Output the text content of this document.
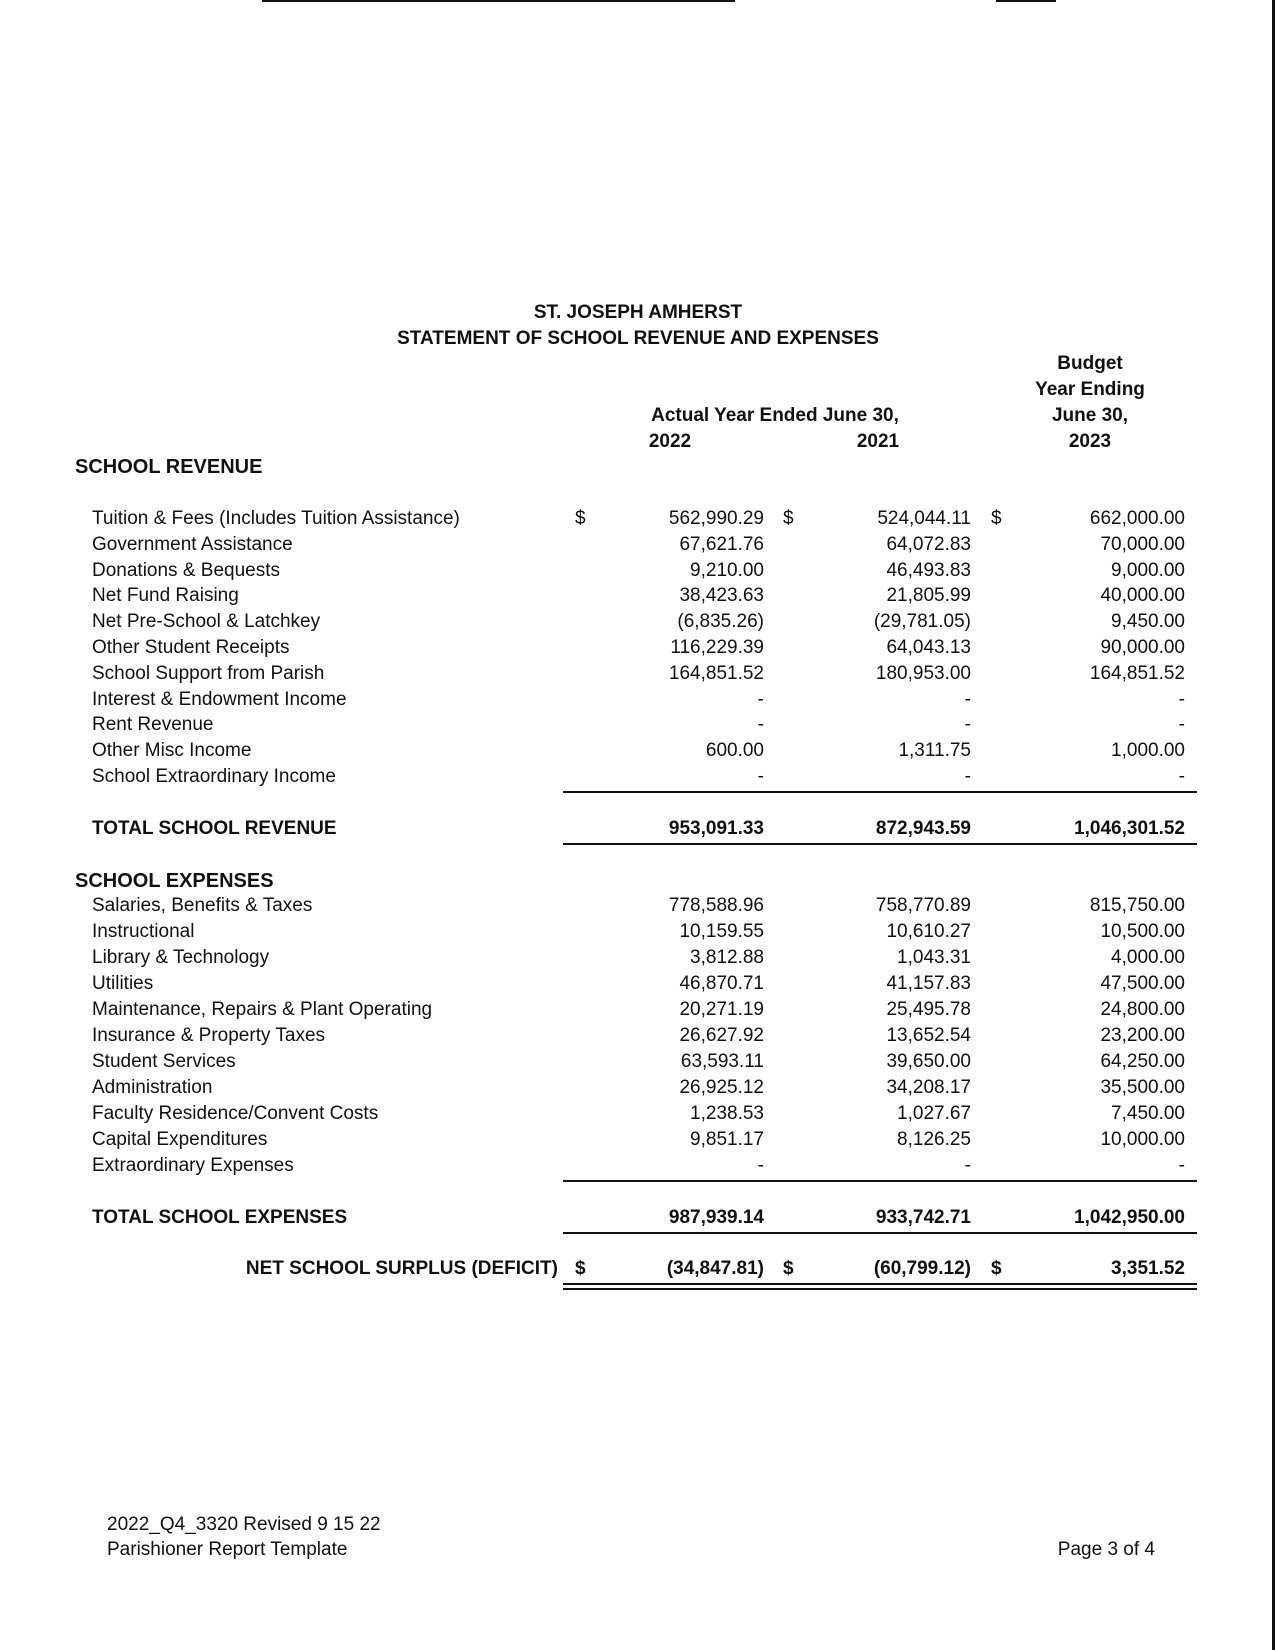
ST. JOSEPH AMHERST
STATEMENT OF SCHOOL REVENUE AND EXPENSES
Budget
Year Ending
Actual Year Ended June 30,	June 30,
2022	2021	2023
SCHOOL REVENUE
Tuition & Fees (Includes Tuition Assistance)	562,990.29	524,044.11	662,000.00
$	$	$
Government Assistance	67,621.76	64,072.83	70,000.00
Donations & Bequests	9,210.00	46,493.83	9,000.00
Net Fund Raising	38,423.63	21,805.99	40,000.00
Net Pre-School & Latchkey	(6,835.26)	(29,781.05)	9,450.00
Other Student Receipts	116,229.39	64,043.13	90,000.00
School Support from Parish	164,851.52	180,953.00	164,851.52
Interest & Endowment Income	-	-	-
Rent Revenue	-	-	-
Other Misc Income	600.00	1,311.75	1,000.00
School Extraordinary Income	-	-	-
TOTAL SCHOOL REVENUE	953,091.33	872,943.59	1,046,301.52
SCHOOL EXPENSES
Salaries, Benefits & Taxes	778,588.96	758,770.89	815,750.00
Instructional	10,159.55	10,610.27	10,500.00
Library & Technology	3,812.88	1,043.31	4,000.00
Utilities	46,870.71	41,157.83	47,500.00
Maintenance, Repairs & Plant Operating	20,271.19	25,495.78	24,800.00
Insurance & Property Taxes	26,627.92	13,652.54	23,200.00
Student Services	63,593.11	39,650.00	64,250.00
Administration	26,925.12	34,208.17	35,500.00
Faculty Residence/Convent Costs	1,238.53	1,027.67	7,450.00
Capital Expenditures	9,851.17	8,126.25	10,000.00
Extraordinary Expenses	-	-	-
TOTAL SCHOOL EXPENSES	987,939.14	933,742.71	1,042,950.00
NET SCHOOL SURPLUS (DEFICIT) $	(34,847.81) $	(60,799.12) $	3,351.52
2022_Q4_3320 Revised 9 15 22
Parishioner Report Template	Page 3 of 4
